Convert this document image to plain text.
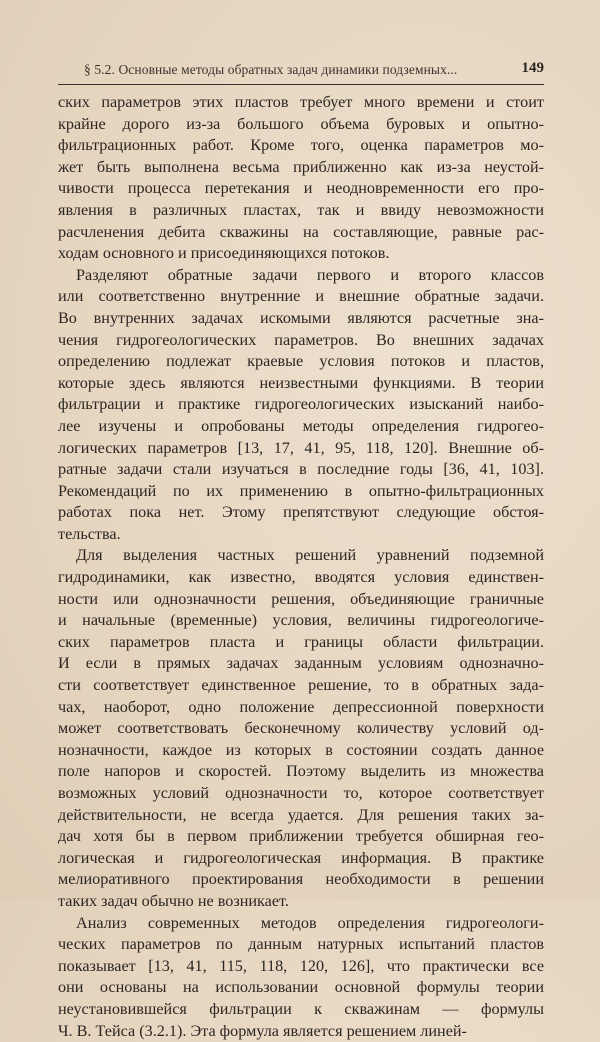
§ 5.2. Основные методы обратных задач динамики подземных...	149
ских параметров этих пластов требует много времени и стоит
крайне дорого из-за большого объема буровых и опытно-
фильтрационных работ. Кроме того, оценка параметров мо-
жет быть выполнена весьма приближенно как из-за неустой-
чивости процесса перетекания и неодновременности его про-
явления в различных пластах, так и ввиду невозможности
расчленения дебита скважины на составляющие, равные рас-
ходам основного и присоединяющихся потоков.
Разделяют обратные задачи первого и второго классов
или соответственно внутренние и внешние обратные задачи.
Во внутренних задачах искомыми являются расчетные зна-
чения гидрогеологических параметров. Во внешних задачах
определению подлежат краевые условия потоков и пластов,
которые здесь являются неизвестными функциями. В теории
фильтрации и практике гидрогеологических изысканий наибо-
лее изучены и опробованы методы определения гидрогео-
логических параметров [13, 17, 41, 95, 118, 120]. Внешние об-
ратные задачи стали изучаться в последние годы [36, 41, 103].
Рекомендаций по их применению в опытно-фильтрационных
работах пока нет. Этому препятствуют следующие обстоя-
тельства.
Для выделения частных решений уравнений подземной
гидродинамики, как известно, вводятся условия единствен-
ности или однозначности решения, объединяющие граничные
и начальные (временные) условия, величины гидрогеологиче-
ских параметров пласта и границы области фильтрации.
И если в прямых задачах заданным условиям однозначно-
сти соответствует единственное решение, то в обратных зада-
чах, наоборот, одно положение депрессионной поверхности
может соответствовать бесконечному количеству условий од-
нозначности, каждое из которых в состоянии создать данное
поле напоров и скоростей. Поэтому выделить из множества
возможных условий однозначности то, которое соответствует
действительности, не всегда удается. Для решения таких за-
дач хотя бы в первом приближении требуется обширная гео-
логическая и гидрогеологическая информация. В практике
мелиоративного проектирования необходимости в решении
таких задач обычно не возникает.
Анализ современных методов определения гидрогеологи-
ческих параметров по данным натурных испытаний пластов
показывает [13, 41, 115, 118, 120, 126], что практически все
они основаны на использовании основной формулы теории
неустановившейся фильтрации к скважинам — формулы
Ч. В. Тейса (3.2.1). Эта формула является решением линей-
